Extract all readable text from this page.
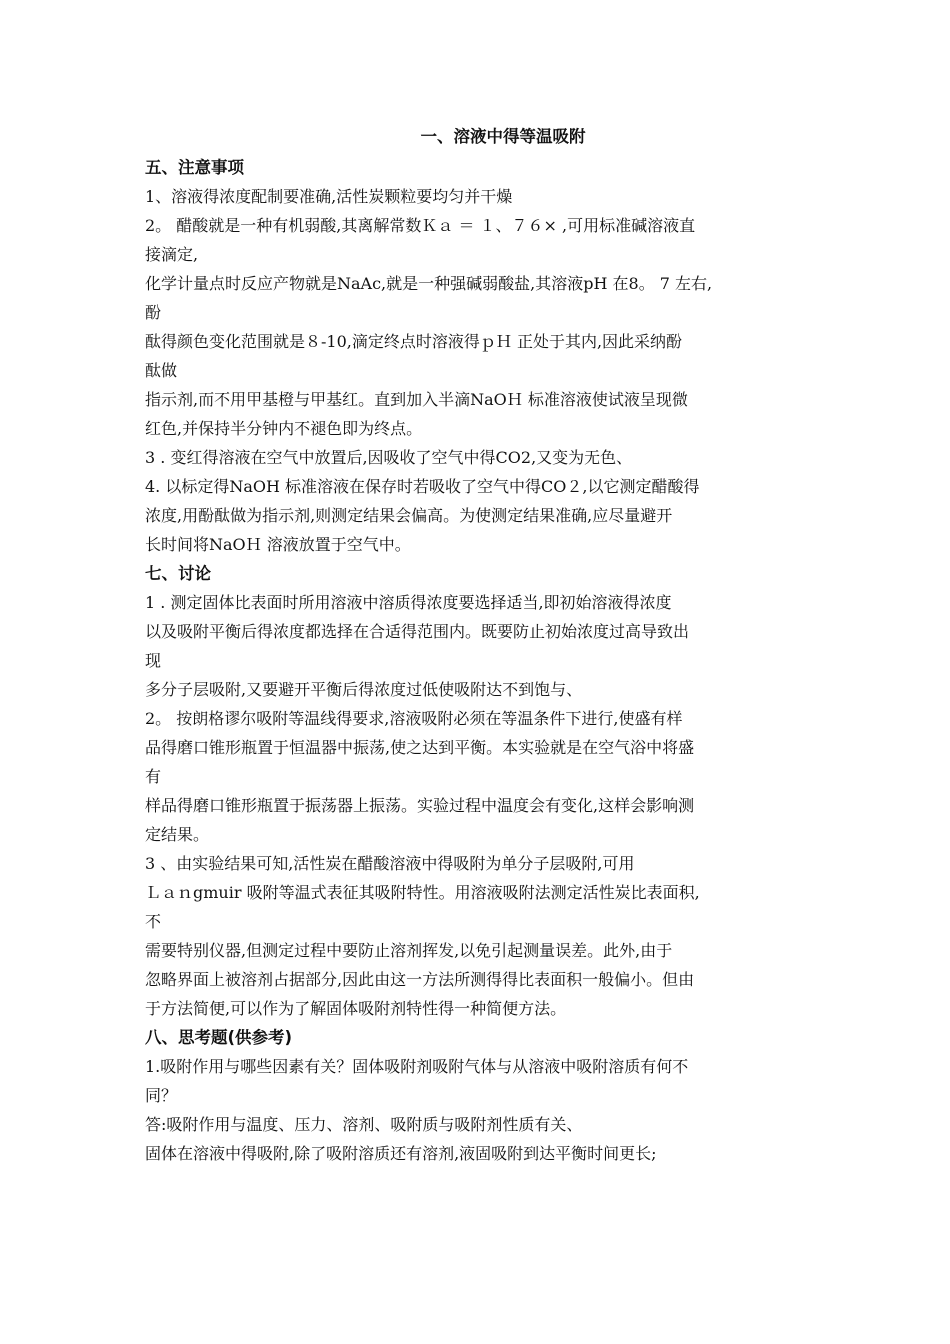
一、溶液中得等温吸附
五、注意事项
1、溶液得浓度配制要准确,活性炭颗粒要均匀并干燥
2。 醋酸就是一种有机弱酸,其离解常数Ｋａ ＝ １、７６× ,可用标准碱溶液直
接滴定,
化学计量点时反应产物就是NaAc,就是一种强碱弱酸盐,其溶液pH 在8。 7 左右,
酚
酞得颜色变化范围就是８-10,滴定终点时溶液得ｐＨ 正处于其内,因此采纳酚
酞做
指示剂,而不用甲基橙与甲基红。直到加入半滴NaOＨ 标准溶液使试液呈现微
红色,并保持半分钟内不褪色即为终点。
3 . 变红得溶液在空气中放置后,因吸收了空气中得CO2,又变为无色、
4. 以标定得NaOH 标准溶液在保存时若吸收了空气中得CO２,以它测定醋酸得
浓度,用酚酞做为指示剂,则测定结果会偏高。为使测定结果准确,应尽量避开
长时间将NaOＨ 溶液放置于空气中。
七、讨论
1 . 测定固体比表面时所用溶液中溶质得浓度要选择适当,即初始溶液得浓度
以及吸附平衡后得浓度都选择在合适得范围内。既要防止初始浓度过高导致出
现
多分子层吸附,又要避开平衡后得浓度过低使吸附达不到饱与、
2。 按朗格谬尔吸附等温线得要求,溶液吸附必须在等温条件下进行,使盛有样
品得磨口锥形瓶置于恒温器中振荡,使之达到平衡。本实验就是在空气浴中将盛
有
样品得磨口锥形瓶置于振荡器上振荡。实验过程中温度会有变化,这样会影响测
定结果。
3 、由实验结果可知,活性炭在醋酸溶液中得吸附为单分子层吸附,可用
Ｌａｎgmuir 吸附等温式表征其吸附特性。用溶液吸附法测定活性炭比表面积,
不
需要特别仪器,但测定过程中要防止溶剂挥发,以免引起测量误差。此外,由于
忽略界面上被溶剂占据部分,因此由这一方法所测得得比表面积一般偏小。但由
于方法简便,可以作为了解固体吸附剂特性得一种简便方法。
八、思考题(供参考)
1.吸附作用与哪些因素有关？固体吸附剂吸附气体与从溶液中吸附溶质有何不
同？
答:吸附作用与温度、压力、溶剂、吸附质与吸附剂性质有关、
固体在溶液中得吸附,除了吸附溶质还有溶剂,液固吸附到达平衡时间更长;
